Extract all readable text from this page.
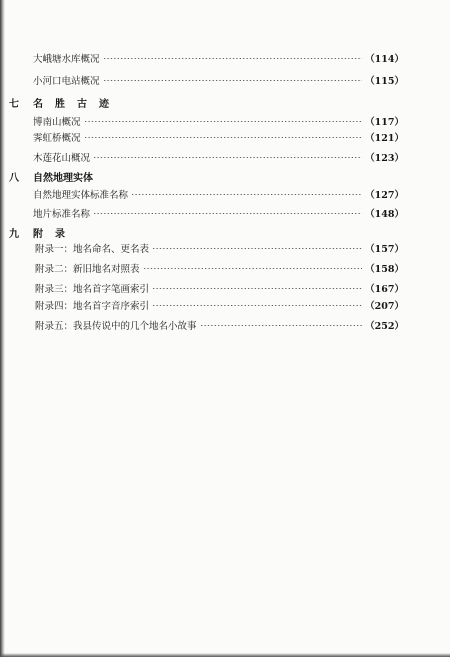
大峨塘水库概况	（114）
小河口电站概况	（115）
七	名胜古迹
博南山概况	（117）
霁虹桥概况	（121）
木莲花山概况	（123）
八	自然地理实体
自然地理实体标准名称	（127）
地片标准名称	（148）
九	附录
附录一：地名命名、更名表	（157）
附录二：新旧地名对照表	（158）
附录三：地名首字笔画索引	（167）
附录四：地名首字音序索引	（207）
附录五：我县传说中的几个地名小故事	（252）
